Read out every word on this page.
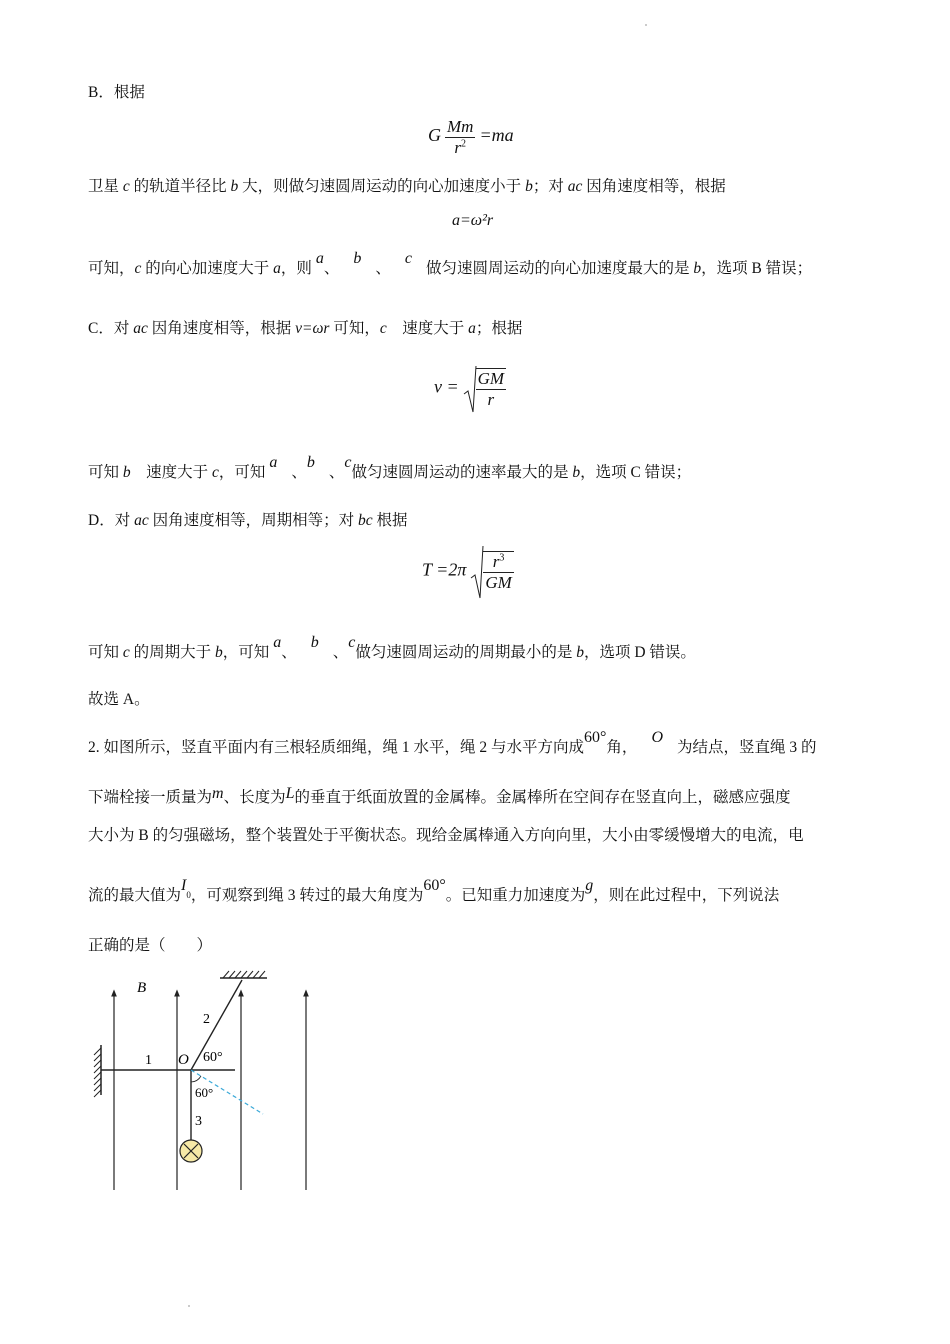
B．根据
G $\frac{Mm}{r^2} =ma$
卫星 c 的轨道半径比 b 大，则做匀速圆周运动的向心加速度小于 b；对 ac 因角速度相等，根据
a=ω²r
可知，c 的向心加速度大于 a，则 a、b、c做匀速圆周运动的向心加速度最大的是 b，选项 B 错误；
C．对 ac 因角速度相等，根据 v=ωr 可知，c　速度大于 a；根据
$v = \frac{GM}{r}$
可知 b　速度大于 c，可知 a、b、c做匀速圆周运动的速率最大的是 b，选项 C 错误；
D．对 ac 因角速度相等，周期相等；对 bc 根据
$T =2\pi \frac{r^3}{GM}$
可知 c 的周期大于 b，可知 a、b、c做匀速圆周运动的周期最小的是 b，选项 D 错误。
故选 A。
2. 如图所示，竖直平面内有三根轻质细绳，绳 1 水平，绳 2 与水平方向成60°角，O为结点，竖直绳 3 的
下端栓接一质量为m、长度为L的垂直于纸面放置的金属棒。金属棒所在空间存在竖直向上，磁感应强度
大小为 B 的匀强磁场，整个装置处于平衡状态。现给金属棒通入方向向里，大小由零缓慢增大的电流，电
流的最大值为$I_0$，可观察到绳 3 转过的最大角度为60°。已知重力加速度为g，则在此过程中，下列说法
正确的是（　　）
B
1
2
O 60°
3
60°
